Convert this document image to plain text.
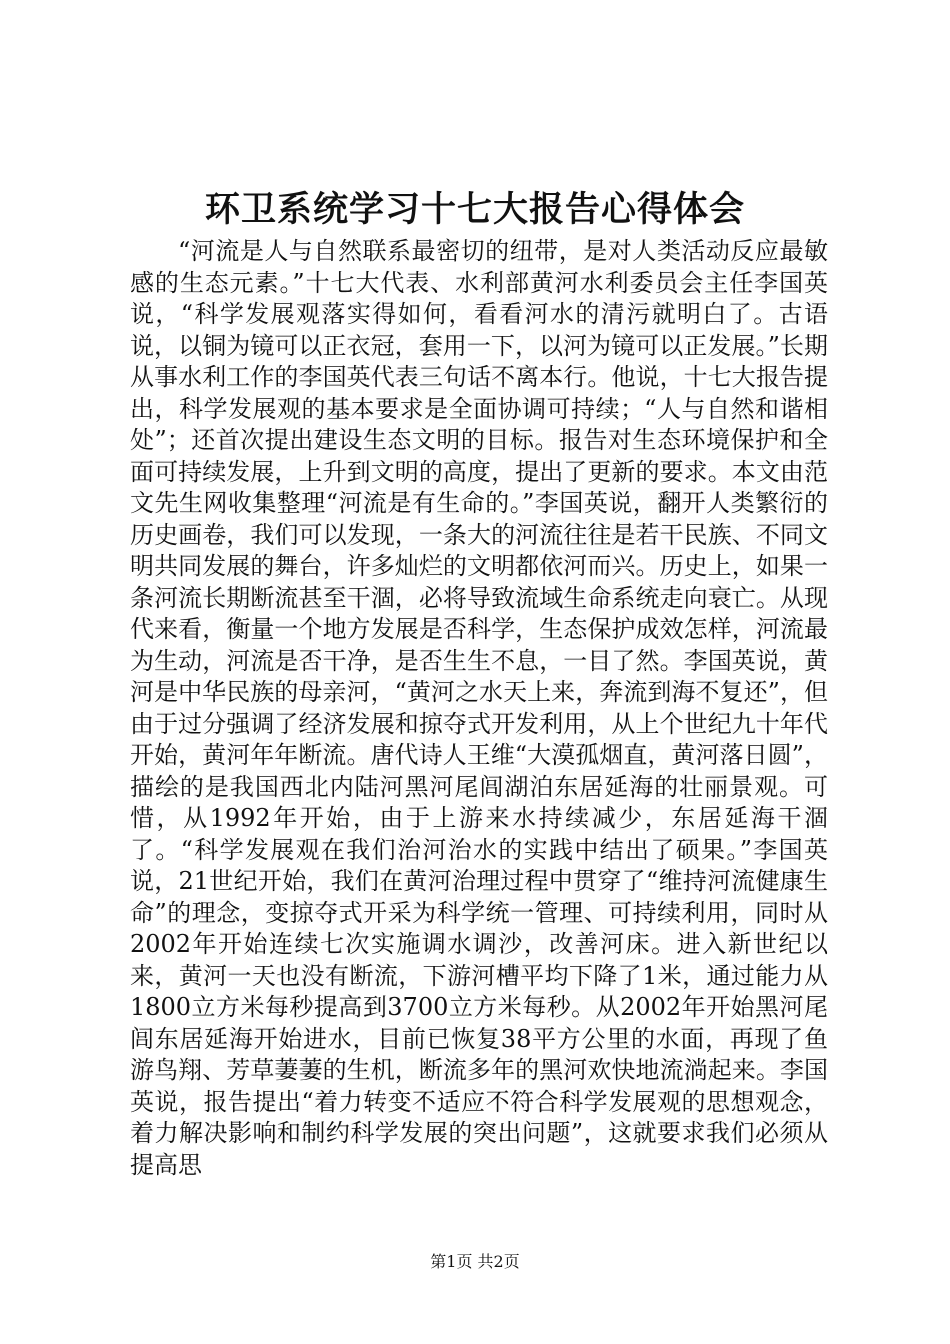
环卫系统学习十七大报告心得体会

“河流是人与自然联系最密切的纽带，是对人类活动反应最敏感的生态元素。”十七大代表、水利部黄河水利委员会主任李国英说，“科学发展观落实得如何，看看河水的清污就明白了。古语说，以铜为镜可以正衣冠，套用一下，以河为镜可以正发展。”长期从事水利工作的李国英代表三句话不离本行。他说，十七大报告提出，科学发展观的基本要求是全面协调可持续；“人与自然和谐相处”；还首次提出建设生态文明的目标。报告对生态环境保护和全面可持续发展，上升到文明的高度，提出了更新的要求。本文由范文先生网收集整理“河流是有生命的。”李国英说，翻开人类繁衍的历史画卷，我们可以发现，一条大的河流往往是若干民族、不同文明共同发展的舞台，许多灿烂的文明都依河而兴。历史上，如果一条河流长期断流甚至干涸，必将导致流域生命系统走向衰亡。从现代来看，衡量一个地方发展是否科学，生态保护成效怎样，河流最为生动，河流是否干净，是否生生不息，一目了然。李国英说，黄河是中华民族的母亲河，“黄河之水天上来，奔流到海不复还”，但由于过分强调了经济发展和掠夺式开发利用，从上个世纪九十年代开始，黄河年年断流。唐代诗人王维“大漠孤烟直，黄河落日圆”，描绘的是我国西北内陆河黑河尾闾湖泊东居延海的壮丽景观。可惜，从1992年开始，由于上游来水持续减少，东居延海干涸了。“科学发展观在我们治河治水的实践中结出了硕果。”李国英说，21世纪开始，我们在黄河治理过程中贯穿了“维持河流健康生命”的理念，变掠夺式开采为科学统一管理、可持续利用，同时从2002年开始连续七次实施调水调沙，改善河床。进入新世纪以来，黄河一天也没有断流，下游河槽平均下降了1米，通过能力从1800立方米每秒提高到3700立方米每秒。从2002年开始黑河尾闾东居延海开始进水，目前已恢复38平方公里的水面，再现了鱼游鸟翔、芳草萋萋的生机，断流多年的黑河欢快地流淌起来。李国英说，报告提出“着力转变不适应不符合科学发展观的思想观念，着力解决影响和制约科学发展的突出问题”，这就要求我们必须从提高思

第1页 共2页
